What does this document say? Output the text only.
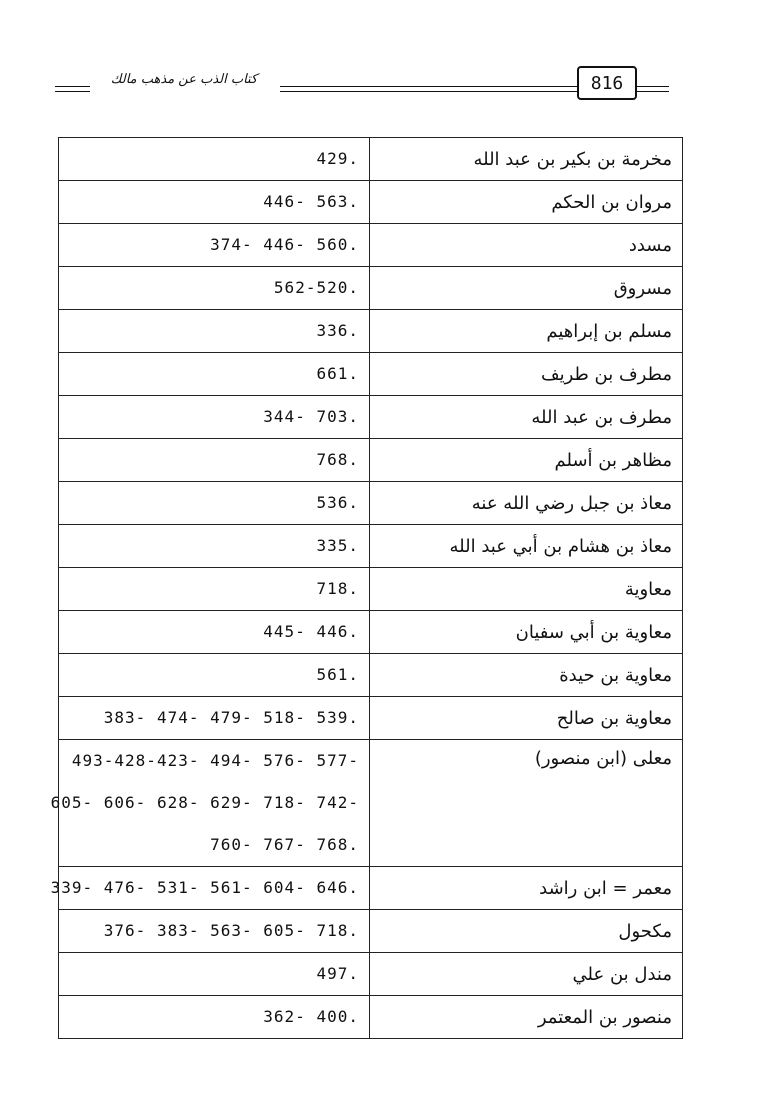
كتاب الذب عن مذهب مالك	816
.429	مخرمة بن بكير بن عبد الله

.563 -446	مروان بن الحكم

.560 -446 -374	مسدد

.562-520	مسروق

.336	مسلم بن إبراهيم

.661	مطرف بن طريف

.703 -344	مطرف بن عبد الله

.768	مظاهر بن أسلم

.536	معاذ بن جبل رضي الله عنه

.335	معاذ بن هشام بن أبي عبد الله

.718	معاوية

.446 -445	معاوية بن أبي سفيان

.561	معاوية بن حيدة

.539 -518 -479 -474 -383	معاوية بن صالح

-577 -576 -494 -493-428-423
-742 -718 -629 -628 -606 -605
.768 -767 -760	معلى (ابن منصور)

.646 -604 -561 -531 -476 -339	معمر = ابن راشد

.718 -605 -563 -383 -376	مكحول

.497	مندل بن علي

.400 -362	منصور بن المعتمر
